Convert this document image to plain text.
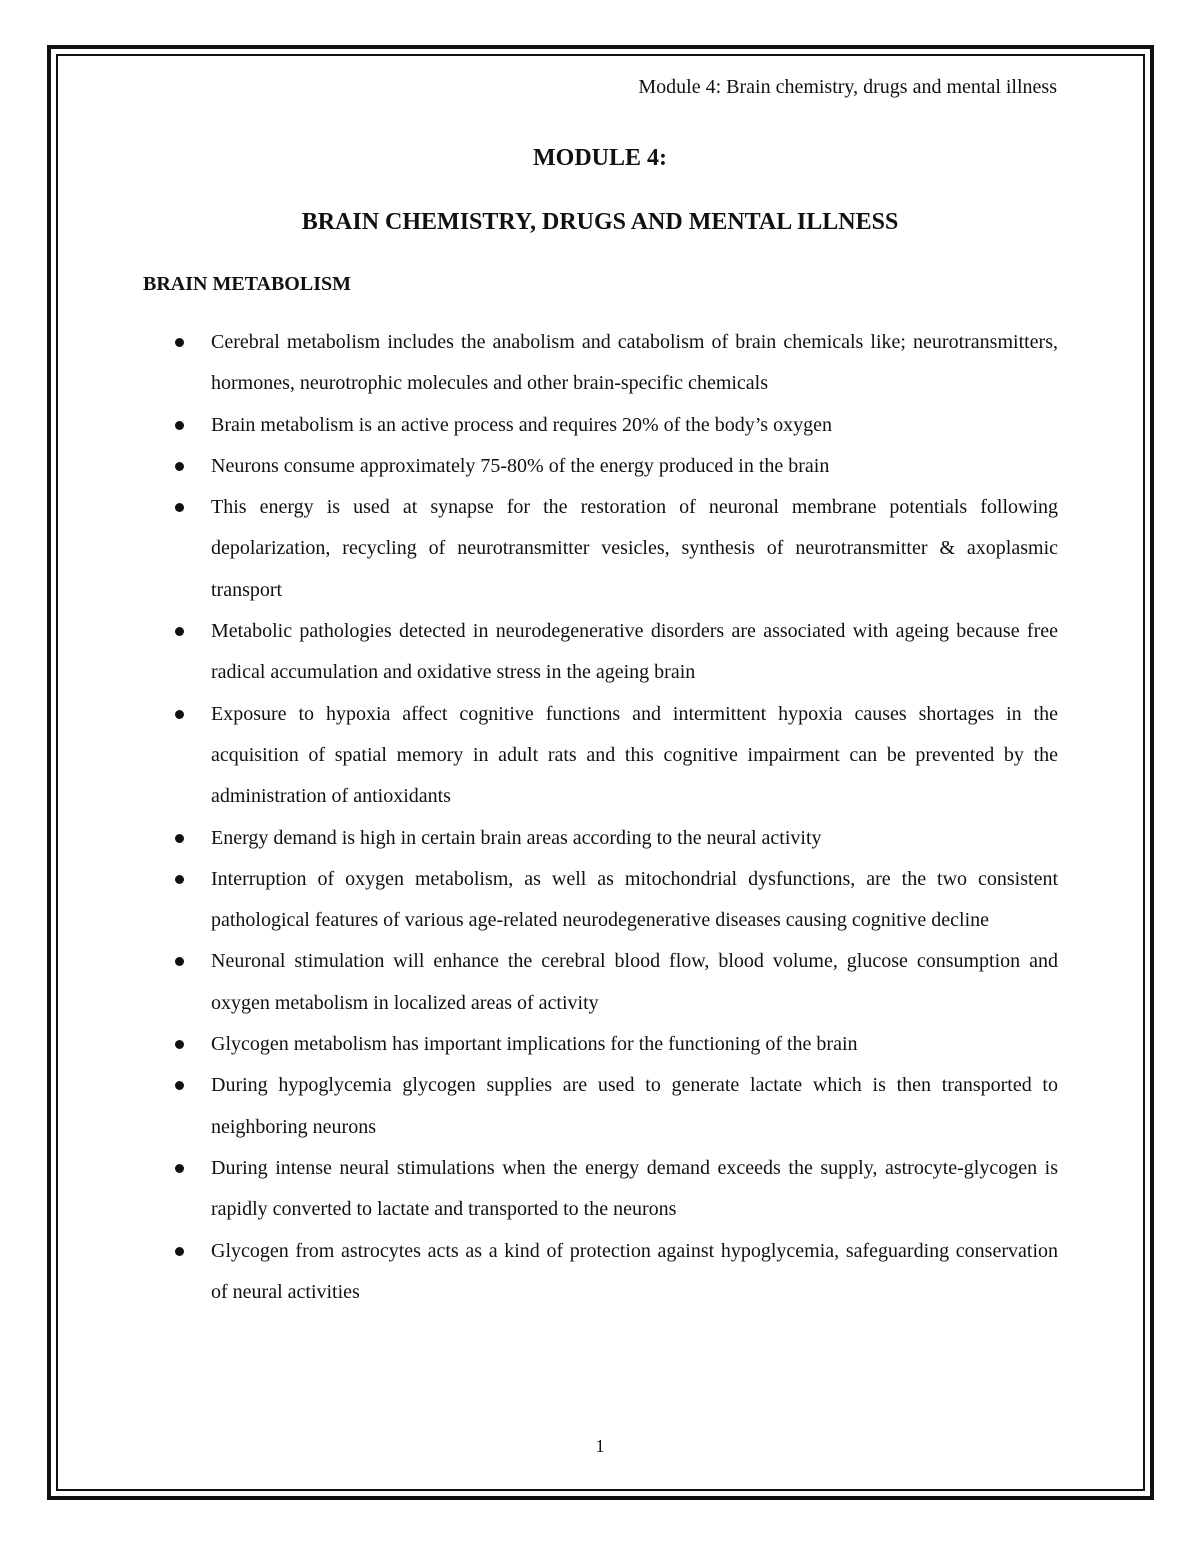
Module 4: Brain chemistry, drugs and mental illness
MODULE 4:
BRAIN CHEMISTRY, DRUGS AND MENTAL ILLNESS
BRAIN METABOLISM
Cerebral metabolism includes the anabolism and catabolism of brain chemicals like; neurotransmitters, hormones, neurotrophic molecules and other brain-specific chemicals
Brain metabolism is an active process and requires 20% of the body’s oxygen
Neurons consume approximately 75-80% of the energy produced in the brain
This energy is used at synapse for the restoration of neuronal membrane potentials following depolarization, recycling of neurotransmitter vesicles, synthesis of neurotransmitter & axoplasmic transport
Metabolic pathologies detected in neurodegenerative disorders are associated with ageing because free radical accumulation and oxidative stress in the ageing brain
Exposure to hypoxia affect cognitive functions and intermittent hypoxia causes shortages in the acquisition of spatial memory in adult rats and this cognitive impairment can be prevented by the administration of antioxidants
Energy demand is high in certain brain areas according to the neural activity
Interruption of oxygen metabolism, as well as mitochondrial dysfunctions, are the two consistent pathological features of various age-related neurodegenerative diseases causing cognitive decline
Neuronal stimulation will enhance the cerebral blood flow, blood volume, glucose consumption and oxygen metabolism in localized areas of activity
Glycogen metabolism has important implications for the functioning of the brain
During hypoglycemia glycogen supplies are used to generate lactate which is then transported to neighboring neurons
During intense neural stimulations when the energy demand exceeds the supply, astrocyte-glycogen is rapidly converted to lactate and transported to the neurons
Glycogen from astrocytes acts as a kind of protection against hypoglycemia, safeguarding conservation of neural activities
1
